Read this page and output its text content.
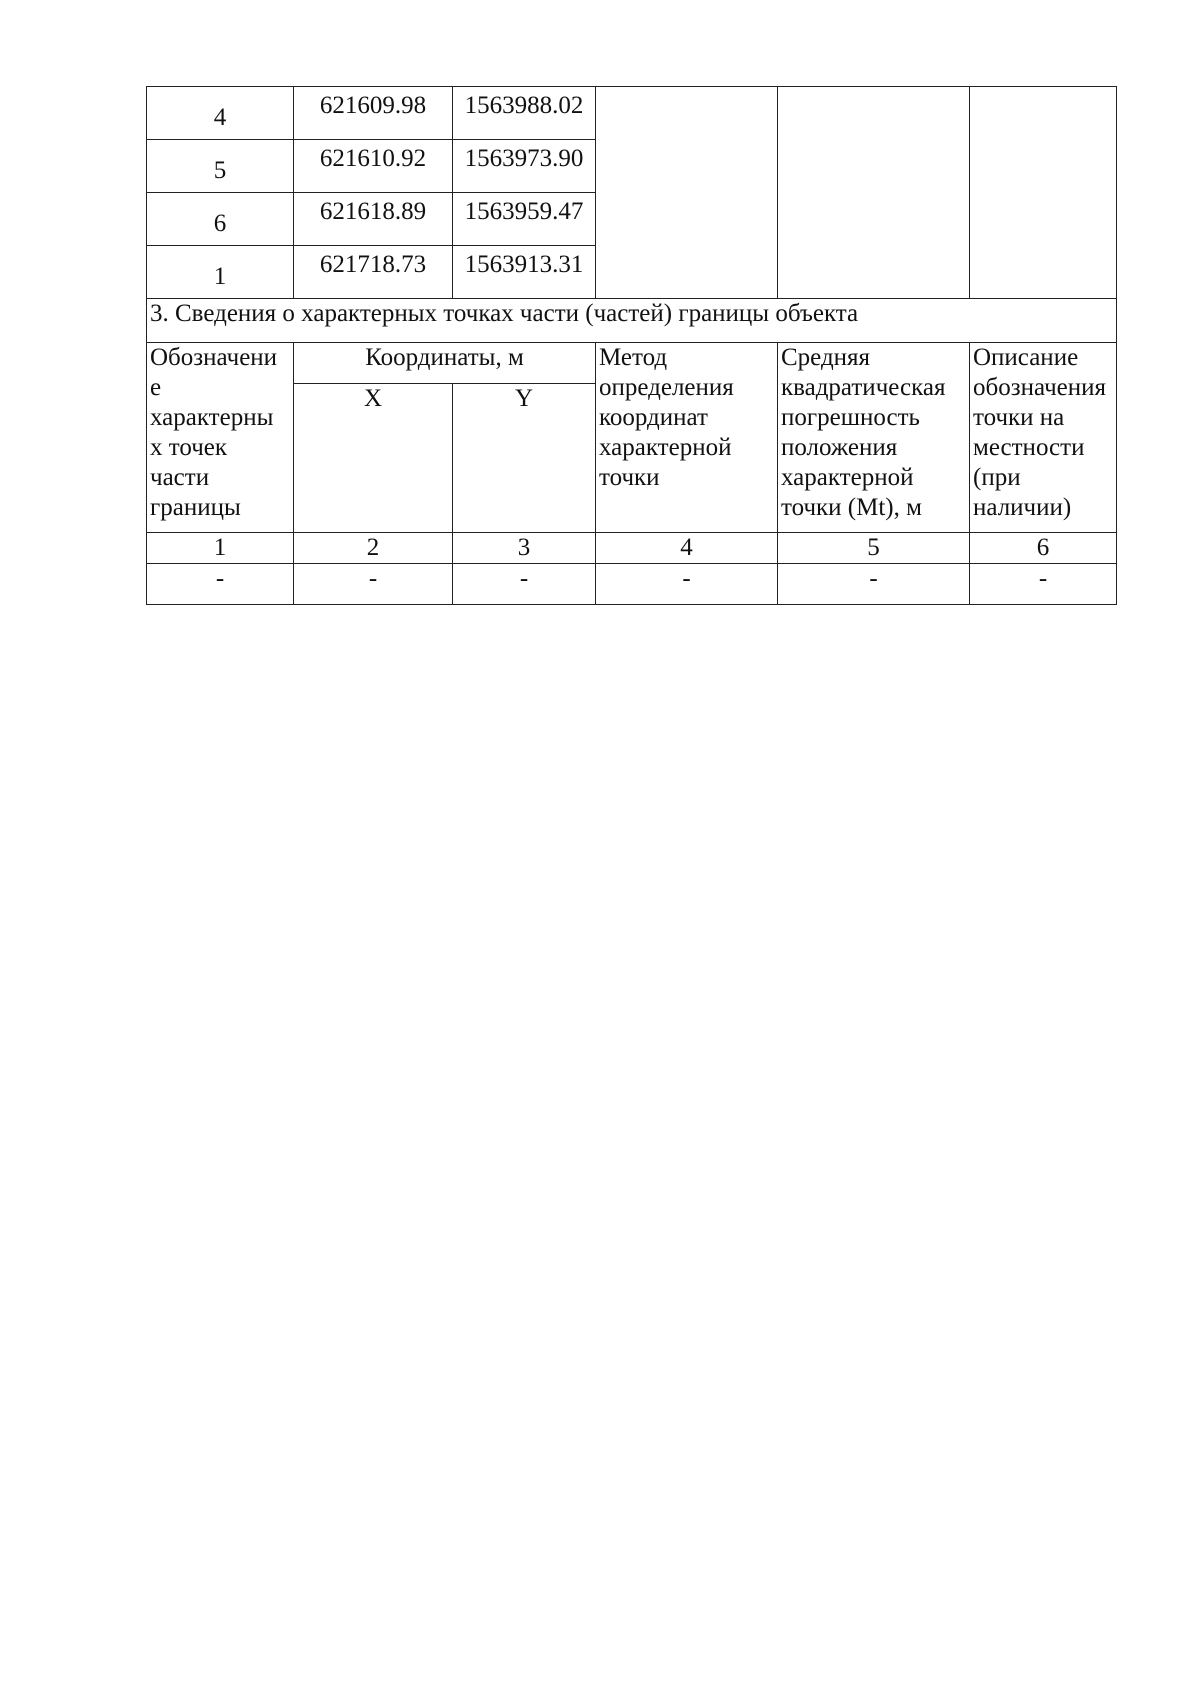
4	621609.98	1563988.02			
5	621610.92	1563973.90			
6	621618.89	1563959.47			
1	621718.73	1563913.31			
3. Сведения о характерных точках части (частей) границы объекта					
Обозначени е характерны х точек части границы	Координаты, м		Метод определения координат характерной точки	Средняя квадратическая погрешность положения характерной точки (Mt), м	Описание обозначения точки на местности (при наличии)
	X	Y			
1	2	3	4	5	6
-	-	-	-	-	-
